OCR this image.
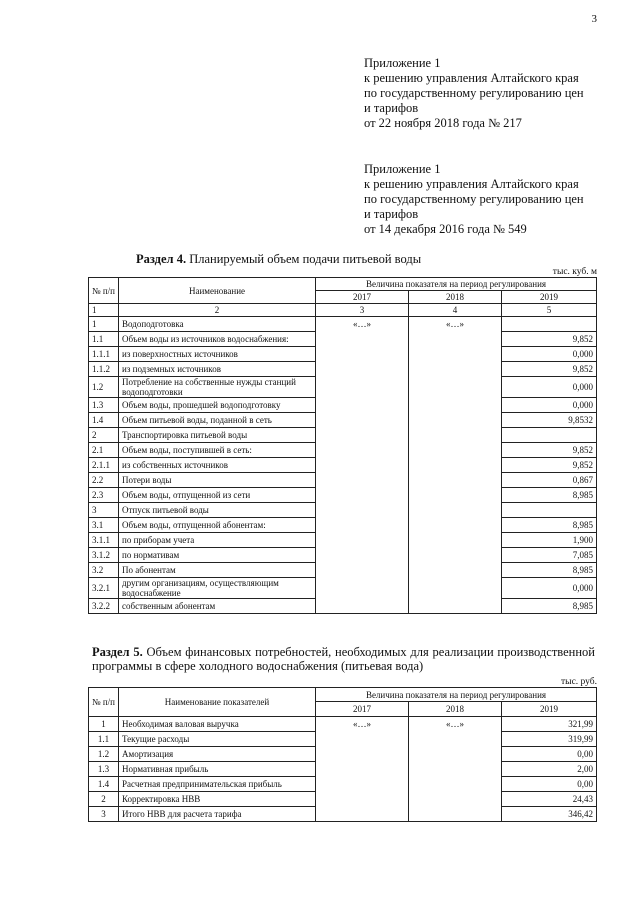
3
Приложение 1
к решению управления Алтайского края
по государственному регулированию цен
и тарифов
от 22 ноября 2018 года № 217
Приложение 1
к решению управления Алтайского края
по государственному регулированию цен
и тарифов
от 14 декабря 2016 года № 549
Раздел 4. Планируемый объем подачи питьевой воды
тыс. куб. м
№ п/п	Наименование	Величина показателя на период регулирования		
		2017	2018	2019
1	2	3	4	5
1	Водоподготовка	«…»	«…»	
1.1	Объем воды из источников водоснабжения:			9,852
1.1.1	из поверхностных источников			0,000
1.1.2	из подземных источников			9,852
1.2	Потребление на собственные нужды станций водоподготовки			0,000
1.3	Объем воды, прошедшей водоподготовку			0,000
1.4	Объем питьевой воды, поданной в сеть			9,8532
2	Транспортировка питьевой воды			
2.1	Объем воды, поступившей в сеть:			9,852
2.1.1	из собственных источников			9,852
2.2	Потери воды			0,867
2.3	Объем воды, отпущенной из сети			8,985
3	Отпуск питьевой воды			
3.1	Объем воды, отпущенной абонентам:			8,985
3.1.1	по приборам учета			1,900
3.1.2	по нормативам			7,085
3.2	По абонентам			8,985
3.2.1	другим организациям, осуществляющим водоснабжение			0,000
3.2.2	собственным абонентам			8,985
Раздел 5. Объем финансовых потребностей, необходимых для реализации производственной программы в сфере холодного водоснабжения (питьевая вода)
тыс. руб.
№ п/п	Наименование показателей	Величина показателя на период регулирования		
		2017	2018	2019
1	Необходимая валовая выручка	«…»	«…»	321,99
1.1	Текущие расходы			319,99
1.2	Амортизация			0,00
1.3	Нормативная прибыль			2,00
1.4	Расчетная предпринимательская прибыль			0,00
2	Корректировка НВВ			24,43
3	Итого НВВ для расчета тарифа			346,42
